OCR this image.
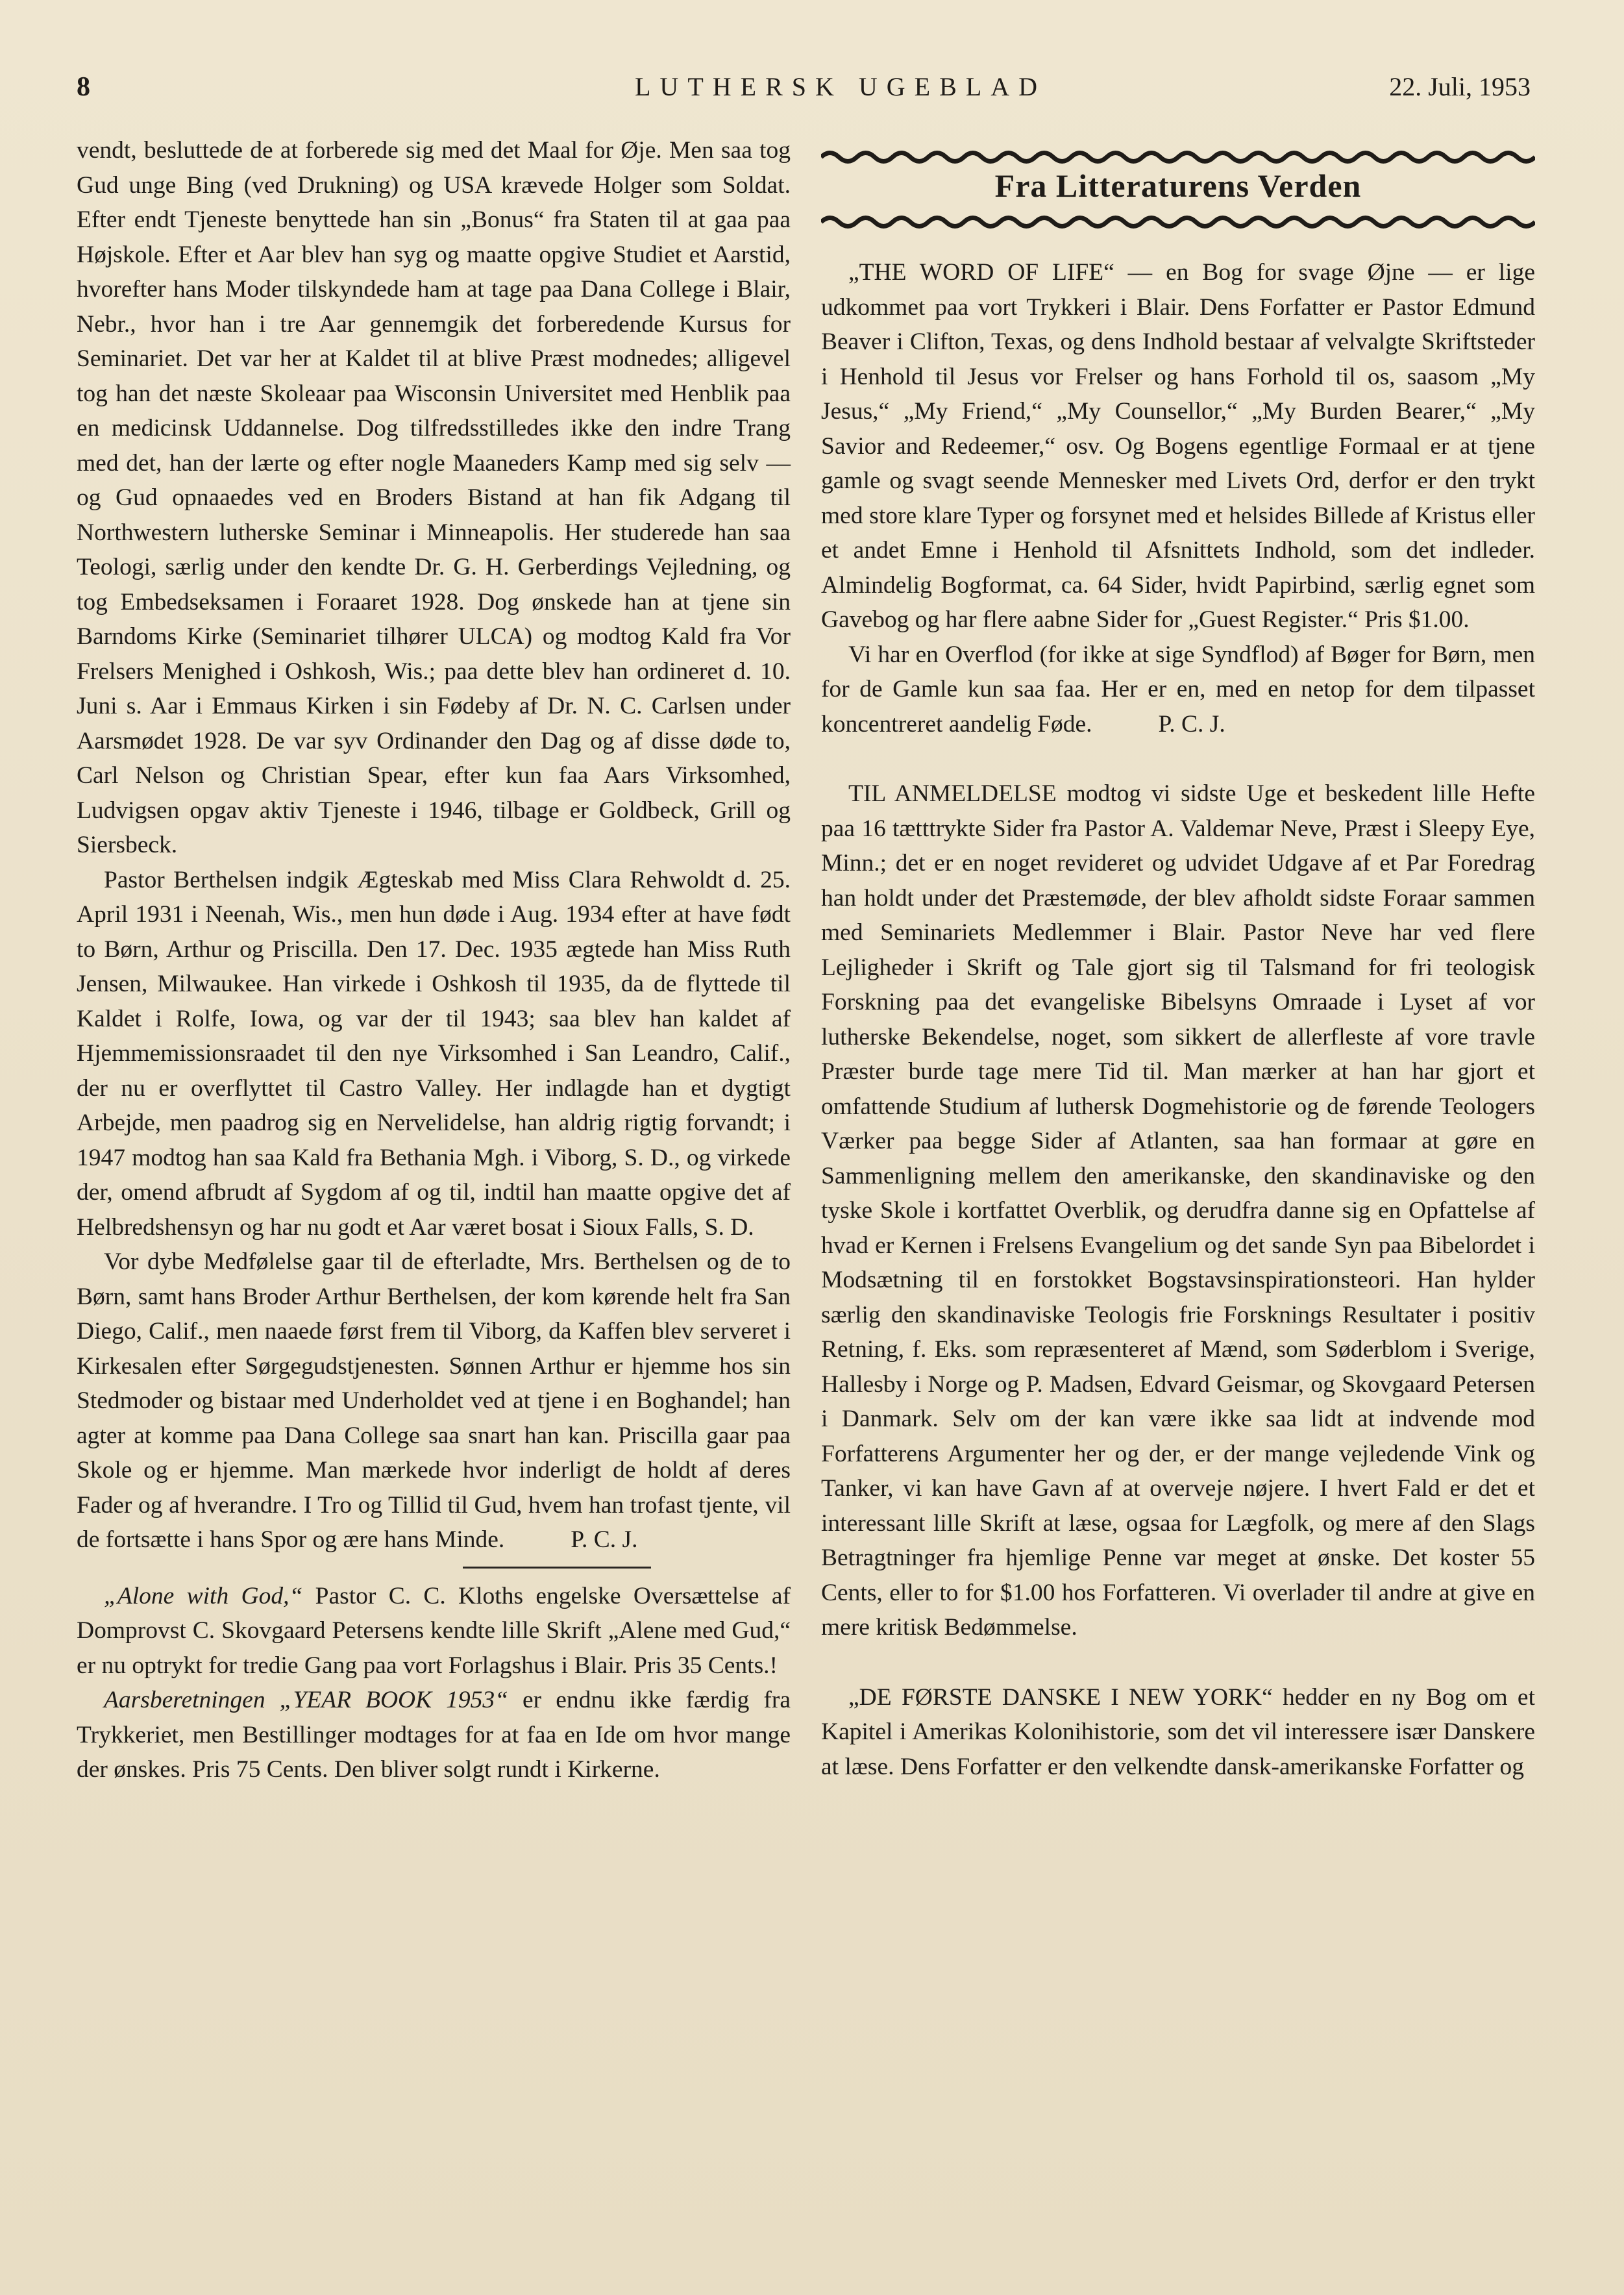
8	LUTHERSK UGEBLAD	22. Juli, 1953

vendt, besluttede de at forberede sig med det Maal for Øje. Men saa tog Gud unge Bing (ved Drukning) og USA krævede Holger som Soldat. Efter endt Tjeneste benyttede han sin „Bonus“ fra Staten til at gaa paa Højskole. Efter et Aar blev han syg og maatte opgive Studiet et Aarstid, hvorefter hans Moder tilskyndede ham at tage paa Dana College i Blair, Nebr., hvor han i tre Aar gennemgik det forberedende Kursus for Seminariet. Det var her at Kaldet til at blive Præst modnedes; alligevel tog han det næste Skoleaar paa Wisconsin Universitet med Henblik paa en medicinsk Uddannelse. Dog tilfredsstilledes ikke den indre Trang med det, han der lærte og efter nogle Maaneders Kamp med sig selv — og Gud opnaaedes ved en Broders Bistand at han fik Adgang til Northwestern lutherske Seminar i Minneapolis. Her studerede han saa Teologi, særlig under den kendte Dr. G. H. Gerberdings Vejledning, og tog Embedseksamen i Foraaret 1928. Dog ønskede han at tjene sin Barndoms Kirke (Seminariet tilhører ULCA) og modtog Kald fra Vor Frelsers Menighed i Oshkosh, Wis.; paa dette blev han ordineret d. 10. Juni s. Aar i Emmaus Kirken i sin Fødeby af Dr. N. C. Carlsen under Aarsmødet 1928. De var syv Ordinander den Dag og af disse døde to, Carl Nelson og Christian Spear, efter kun faa Aars Virksomhed, Ludvigsen opgav aktiv Tjeneste i 1946, tilbage er Goldbeck, Grill og Siersbeck.

Pastor Berthelsen indgik Ægteskab med Miss Clara Rehwoldt d. 25. April 1931 i Neenah, Wis., men hun døde i Aug. 1934 efter at have født to Børn, Arthur og Priscilla. Den 17. Dec. 1935 ægtede han Miss Ruth Jensen, Milwaukee. Han virkede i Oshkosh til 1935, da de flyttede til Kaldet i Rolfe, Iowa, og var der til 1943; saa blev han kaldet af Hjemmemissionsraadet til den nye Virksomhed i San Leandro, Calif., der nu er overflyttet til Castro Valley. Her indlagde han et dygtigt Arbejde, men paadrog sig en Nervelidelse, han aldrig rigtig forvandt; i 1947 modtog han saa Kald fra Bethania Mgh. i Viborg, S. D., og virkede der, omend afbrudt af Sygdom af og til, indtil han maatte opgive det af Helbredshensyn og har nu godt et Aar været bosat i Sioux Falls, S. D.

Vor dybe Medfølelse gaar til de efterladte, Mrs. Berthelsen og de to Børn, samt hans Broder Arthur Berthelsen, der kom kørende helt fra San Diego, Calif., men naaede først frem til Viborg, da Kaffen blev serveret i Kirkesalen efter Sørgegudstjenesten. Sønnen Arthur er hjemme hos sin Stedmoder og bistaar med Underholdet ved at tjene i en Boghandel; han agter at komme paa Dana College saa snart han kan. Priscilla gaar paa Skole og er hjemme. Man mærkede hvor inderligt de holdt af deres Fader og af hverandre. I Tro og Tillid til Gud, hvem han trofast tjente, vil de fortsætte i hans Spor og ære hans Minde.	P. C. J.

„Alone with God,“ Pastor C. C. Kloths engelske Oversættelse af Domprovst C. Skovgaard Petersens kendte lille Skrift „Alene med Gud,“ er nu optrykt for tredie Gang paa vort Forlagshus i Blair. Pris 35 Cents.!

Aarsberetningen „YEAR BOOK 1953“ er endnu ikke færdig fra Trykkeriet, men Bestillinger modtages for at faa en Ide om hvor mange der ønskes. Pris 75 Cents. Den bliver solgt rundt i Kirkerne.

Fra Litteraturens Verden

„THE WORD OF LIFE“ — en Bog for svage Øjne — er lige udkommet paa vort Trykkeri i Blair. Dens Forfatter er Pastor Edmund Beaver i Clifton, Texas, og dens Indhold bestaar af velvalgte Skriftsteder i Henhold til Jesus vor Frelser og hans Forhold til os, saasom „My Jesus,“ „My Friend,“ „My Counsellor,“ „My Burden Bearer,“ „My Savior and Redeemer,“ osv. Og Bogens egentlige Formaal er at tjene gamle og svagt seende Mennesker med Livets Ord, derfor er den trykt med store klare Typer og forsynet med et helsides Billede af Kristus eller et andet Emne i Henhold til Afsnittets Indhold, som det indleder. Almindelig Bogformat, ca. 64 Sider, hvidt Papirbind, særlig egnet som Gavebog og har flere aabne Sider for „Guest Register.“ Pris $1.00.

Vi har en Overflod (for ikke at sige Syndflod) af Bøger for Børn, men for de Gamle kun saa faa. Her er en, med en netop for dem tilpasset koncentreret aandelig Føde.	P. C. J.

TIL ANMELDELSE modtog vi sidste Uge et beskedent lille Hefte paa 16 tætttrykte Sider fra Pastor A. Valdemar Neve, Præst i Sleepy Eye, Minn.; det er en noget revideret og udvidet Udgave af et Par Foredrag han holdt under det Præstemøde, der blev afholdt sidste Foraar sammen med Seminariets Medlemmer i Blair. Pastor Neve har ved flere Lejligheder i Skrift og Tale gjort sig til Talsmand for fri teologisk Forskning paa det evangeliske Bibelsyns Omraade i Lyset af vor lutherske Bekendelse, noget, som sikkert de allerfleste af vore travle Præster burde tage mere Tid til. Man mærker at han har gjort et omfattende Studium af luthersk Dogmehistorie og de førende Teologers Værker paa begge Sider af Atlanten, saa han formaar at gøre en Sammenligning mellem den amerikanske, den skandinaviske og den tyske Skole i kortfattet Overblik, og derudfra danne sig en Opfattelse af hvad er Kernen i Frelsens Evangelium og det sande Syn paa Bibelordet i Modsætning til en forstokket Bogstavsinspirationsteori. Han hylder særlig den skandinaviske Teologis frie Forsknings Resultater i positiv Retning, f. Eks. som repræsenteret af Mænd, som Søderblom i Sverige, Hallesby i Norge og P. Madsen, Edvard Geismar, og Skovgaard Petersen i Danmark. Selv om der kan være ikke saa lidt at indvende mod Forfatterens Argumenter her og der, er der mange vejledende Vink og Tanker, vi kan have Gavn af at overveje nøjere. I hvert Fald er det et interessant lille Skrift at læse, ogsaa for Lægfolk, og mere af den Slags Betragtninger fra hjemlige Penne var meget at ønske. Det koster 55 Cents, eller to for $1.00 hos Forfatteren. Vi overlader til andre at give en mere kritisk Bedømmelse.

„DE FØRSTE DANSKE I NEW YORK“ hedder en ny Bog om et Kapitel i Amerikas Kolonihistorie, som det vil interessere især Danskere at læse. Dens Forfatter er den velkendte dansk-amerikanske Forfatter og
